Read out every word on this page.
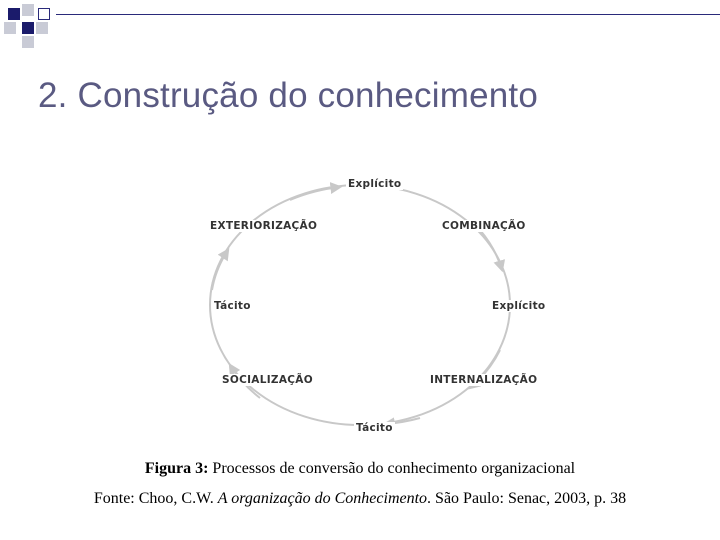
2. Construção do conhecimento
Explícito
COMBINAÇÃO
Explícito
INTERNALIZAÇÃO
Tácito
SOCIALIZAÇÃO
Tácito
EXTERIORIZAÇÃO
Figura 3: Processos de conversão do conhecimento organizacional
Fonte: Choo, C.W. A organização do Conhecimento. São Paulo: Senac, 2003, p. 38
